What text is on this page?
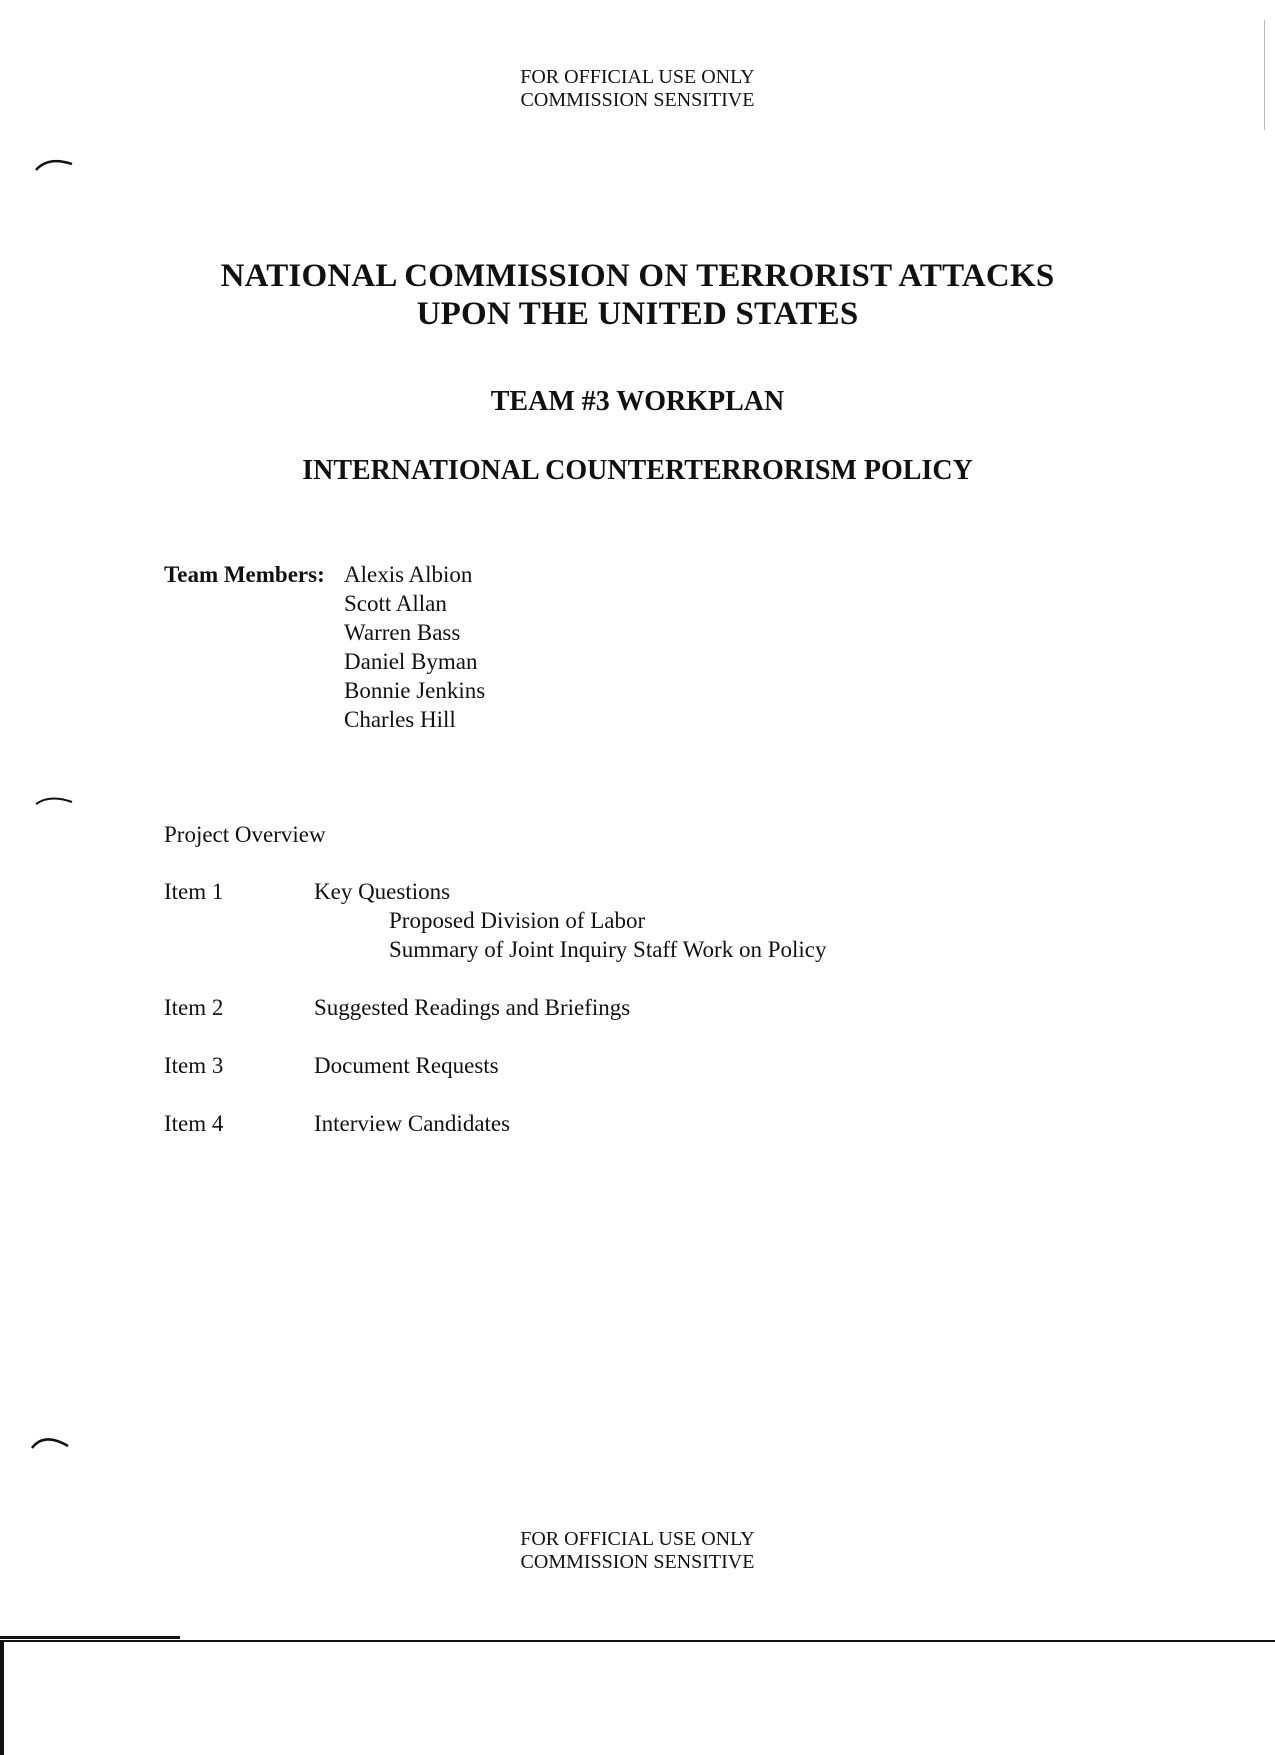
FOR OFFICIAL USE ONLY
COMMISSION SENSITIVE
NATIONAL COMMISSION ON TERRORIST ATTACKS
UPON THE UNITED STATES
TEAM #3 WORKPLAN
INTERNATIONAL COUNTERTERRORISM POLICY
Team Members: Alexis Albion
Scott Allan
Warren Bass
Daniel Byman
Bonnie Jenkins
Charles Hill
Project Overview
Item 1	Key Questions
Proposed Division of Labor
Summary of Joint Inquiry Staff Work on Policy
Item 2	Suggested Readings and Briefings
Item 3	Document Requests
Item 4	Interview Candidates
FOR OFFICIAL USE ONLY
COMMISSION SENSITIVE
